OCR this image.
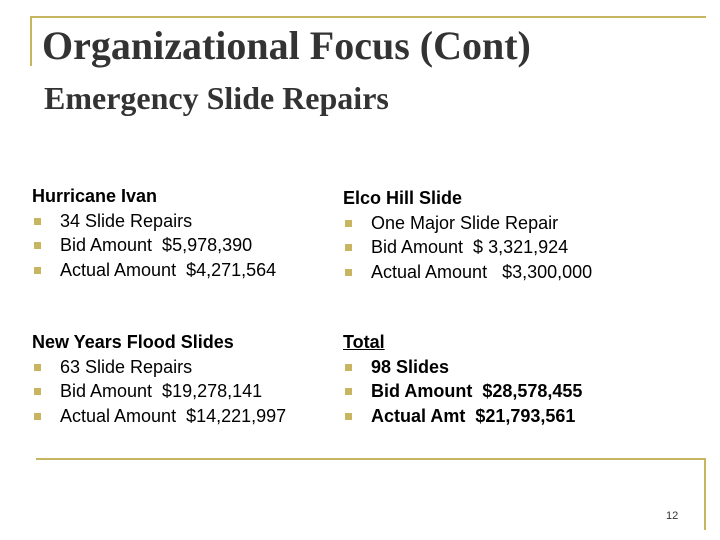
Organizational Focus (Cont)
Emergency Slide Repairs
Hurricane Ivan
34 Slide Repairs
Bid Amount  $5,978,390
Actual Amount  $4,271,564
Elco Hill Slide
One Major Slide Repair
Bid Amount  $ 3,321,924
Actual Amount   $3,300,000
New Years Flood Slides
63 Slide Repairs
Bid Amount  $19,278,141
Actual Amount  $14,221,997
Total
98 Slides
Bid Amount  $28,578,455
Actual Amt  $21,793,561
12
